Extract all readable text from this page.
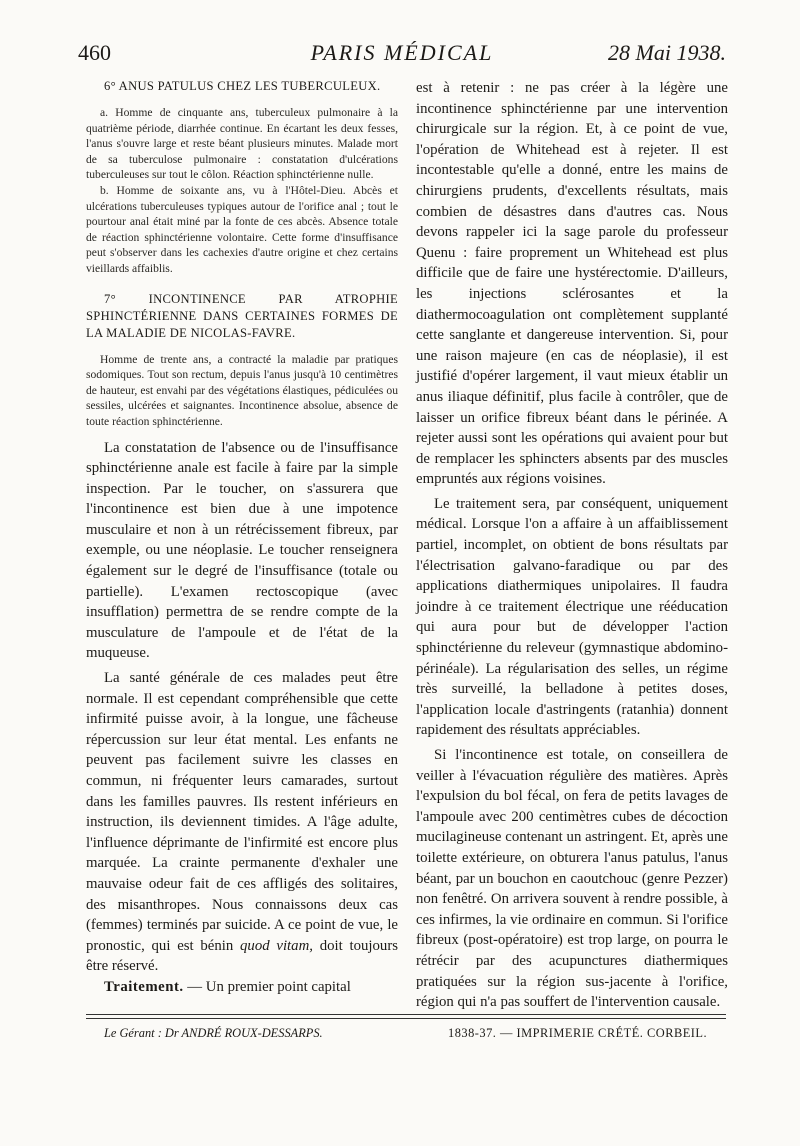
460	PARIS MÉDICAL	28 Mai 1938.

6° ANUS PATULUS CHEZ LES TUBERCULEUX.

a. Homme de cinquante ans, tuberculeux pulmonaire à la quatrième période, diarrhée continue. En écartant les deux fesses, l'anus s'ouvre large et reste béant plusieurs minutes. Malade mort de sa tuberculose pulmonaire : constatation d'ulcérations tuberculeuses sur tout le côlon. Réaction sphinctérienne nulle.

b. Homme de soixante ans, vu à l'Hôtel-Dieu. Abcès et ulcérations tuberculeuses typiques autour de l'orifice anal ; tout le pourtour anal était miné par la fonte de ces abcès. Absence totale de réaction sphinctérienne volontaire. Cette forme d'insuffisance peut s'observer dans les cachexies d'autre origine et chez certains vieillards affaiblis.

7° INCONTINENCE PAR ATROPHIE SPHINCTÉRIENNE DANS CERTAINES FORMES DE LA MALADIE DE NICOLAS-FAVRE.

Homme de trente ans, a contracté la maladie par pratiques sodomiques. Tout son rectum, depuis l'anus jusqu'à 10 centimètres de hauteur, est envahi par des végétations élastiques, pédiculées ou sessiles, ulcérées et saignantes. Incontinence absolue, absence de toute réaction sphinctérienne.

La constatation de l'absence ou de l'insuffisance sphinctérienne anale est facile à faire par la simple inspection. Par le toucher, on s'assurera que l'incontinence est bien due à une impotence musculaire et non à un rétrécissement fibreux, par exemple, ou une néoplasie. Le toucher renseignera également sur le degré de l'insuffisance (totale ou partielle). L'examen rectoscopique (avec insufflation) permettra de se rendre compte de la musculature de l'ampoule et de l'état de la muqueuse.

La santé générale de ces malades peut être normale. Il est cependant compréhensible que cette infirmité puisse avoir, à la longue, une fâcheuse répercussion sur leur état mental. Les enfants ne peuvent pas facilement suivre les classes en commun, ni fréquenter leurs camarades, surtout dans les familles pauvres. Ils restent inférieurs en instruction, ils deviennent timides. A l'âge adulte, l'influence déprimante de l'infirmité est encore plus marquée. La crainte permanente d'exhaler une mauvaise odeur fait de ces affligés des solitaires, des misanthropes. Nous connaissons deux cas (femmes) terminés par suicide. A ce point de vue, le pronostic, qui est bénin quod vitam, doit toujours être réservé.

Traitement. — Un premier point capital

est à retenir : ne pas créer à la légère une incontinence sphinctérienne par une intervention chirurgicale sur la région. Et, à ce point de vue, l'opération de Whitehead est à rejeter. Il est incontestable qu'elle a donné, entre les mains de chirurgiens prudents, d'excellents résultats, mais combien de désastres dans d'autres cas. Nous devons rappeler ici la sage parole du professeur Quenu : faire proprement un Whitehead est plus difficile que de faire une hystérectomie. D'ailleurs, les injections sclérosantes et la diathermocoagulation ont complètement supplanté cette sanglante et dangereuse intervention. Si, pour une raison majeure (en cas de néoplasie), il est justifié d'opérer largement, il vaut mieux établir un anus iliaque définitif, plus facile à contrôler, que de laisser un orifice fibreux béant dans le périnée. A rejeter aussi sont les opérations qui avaient pour but de remplacer les sphincters absents par des muscles empruntés aux régions voisines.

Le traitement sera, par conséquent, uniquement médical. Lorsque l'on a affaire à un affaiblissement partiel, incomplet, on obtient de bons résultats par l'électrisation galvano-faradique ou par des applications diathermiques unipolaires. Il faudra joindre à ce traitement électrique une rééducation qui aura pour but de développer l'action sphinctérienne du releveur (gymnastique abdomino-périnéale). La régularisation des selles, un régime très surveillé, la belladone à petites doses, l'application locale d'astringents (ratanhia) donnent rapidement des résultats appréciables.

Si l'incontinence est totale, on conseillera de veiller à l'évacuation régulière des matières. Après l'expulsion du bol fécal, on fera de petits lavages de l'ampoule avec 200 centimètres cubes de décoction mucilagineuse contenant un astringent. Et, après une toilette extérieure, on obturera l'anus patulus, l'anus béant, par un bouchon en caoutchouc (genre Pezzer) non fenêtré. On arrivera souvent à rendre possible, à ces infirmes, la vie ordinaire en commun. Si l'orifice fibreux (post-opératoire) est trop large, on pourra le rétrécir par des acupunctures diathermiques pratiquées sur la région sus-jacente à l'orifice, région qui n'a pas souffert de l'intervention causale.

Le Gérant : Dr ANDRÉ ROUX-DESSARPS.	1838-37. — IMPRIMERIE CRÉTÉ. CORBEIL.
